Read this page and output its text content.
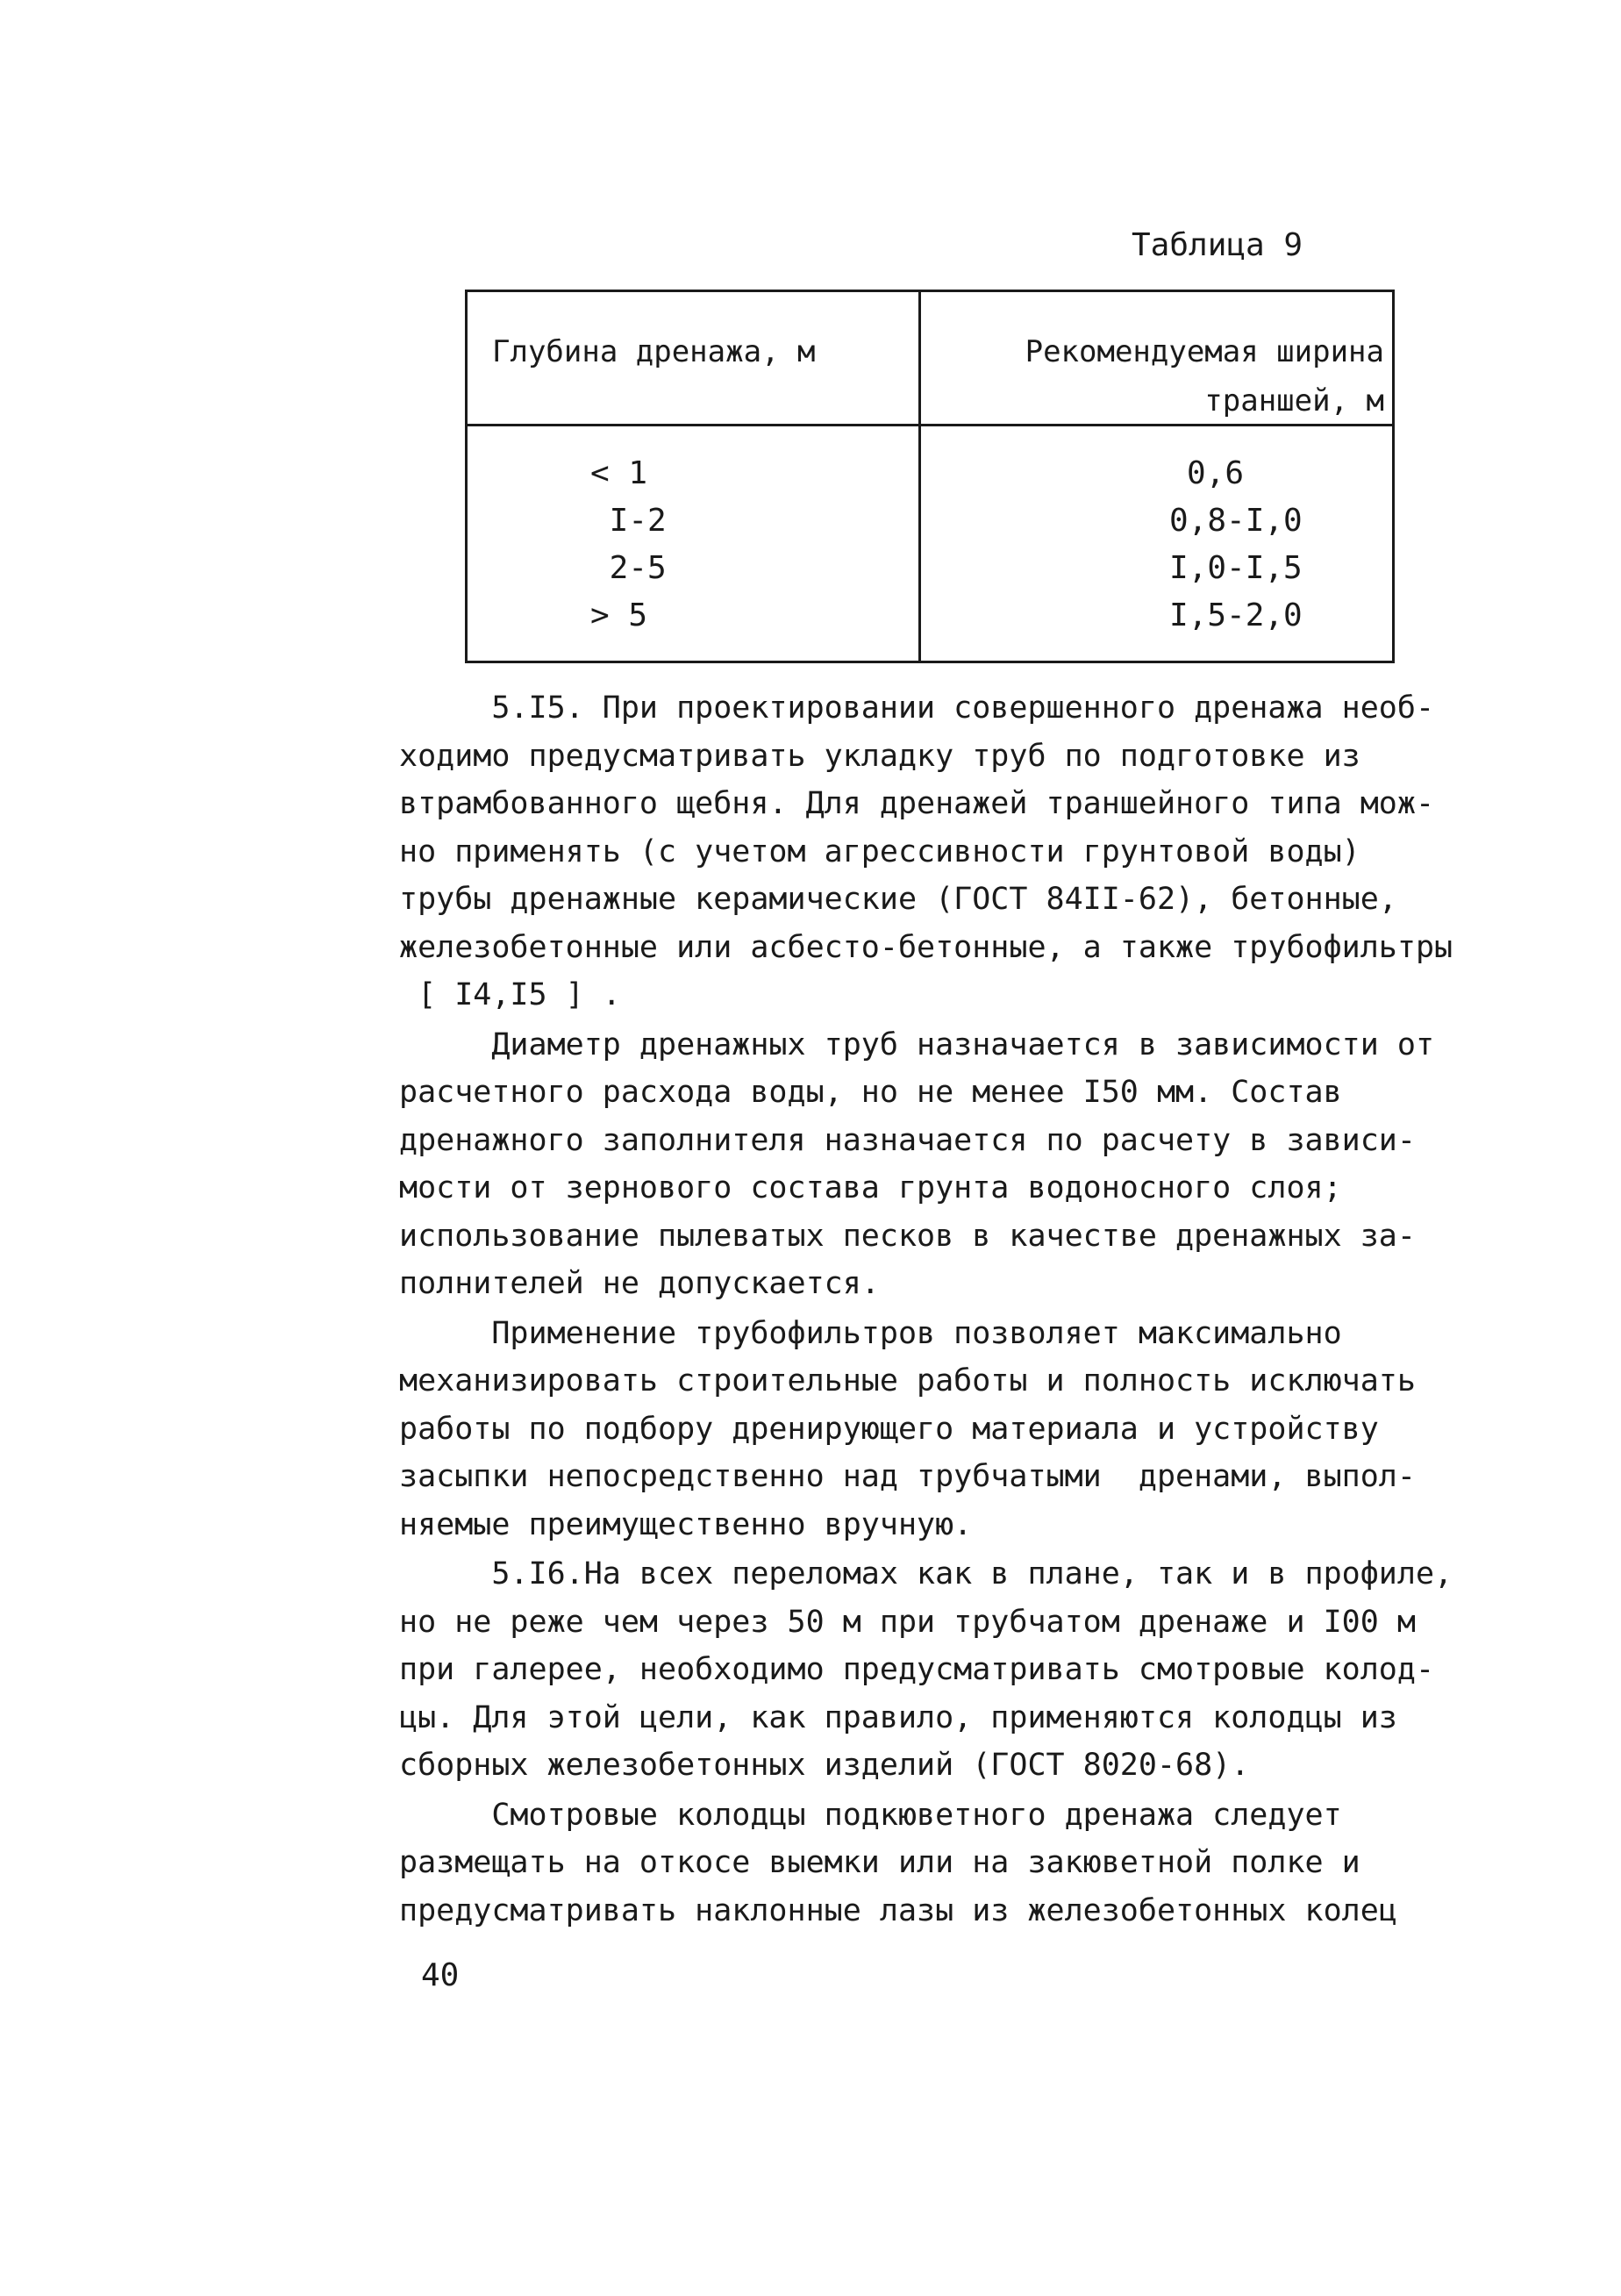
Таблица 9
Глубина дренажа, м	Рекомендуемая ширина
траншей, м
< 1
I-2
2-5
> 5
0,6
0,8-I,0
I,0-I,5
I,5-2,0
5.I5. При проектировании совершенного дренажа необ-
ходимо предусматривать укладку труб по подготовке из
втрамбованного щебня. Для дренажей траншейного типа мож-
но применять (с учетом агрессивности грунтовой воды)
трубы дренажные керамические (ГОСТ 84II-62), бетонные,
железобетонные или асбесто-бетонные, а также трубофильтры
[ I4,I5 ] .
Диаметр дренажных труб назначается в зависимости от
расчетного расхода воды, но не менее I50 мм. Состав
дренажного заполнителя назначается по расчету в зависи-
мости от зернового состава грунта водоносного слоя;
использование пылеватых песков в качестве дренажных за-
полнителей не допускается.
Применение трубофильтров позволяет максимально
механизировать строительные работы и полность исключать
работы по подбору дренирующего материала и устройству
засыпки непосредственно над трубчатыми  дренами, выпол-
няемые преимущественно вручную.
5.I6.На всех переломах как в плане, так и в профиле,
но не реже чем через 50 м при трубчатом дренаже и I00 м
при галерее, необходимо предусматривать смотровые колод-
цы. Для этой цели, как правило, применяются колодцы из
сборных железобетонных изделий (ГОСТ 8020-68).
Смотровые колодцы подкюветного дренажа следует
размещать на откосе выемки или на закюветной полке и
предусматривать наклонные лазы из железобетонных колец
40
